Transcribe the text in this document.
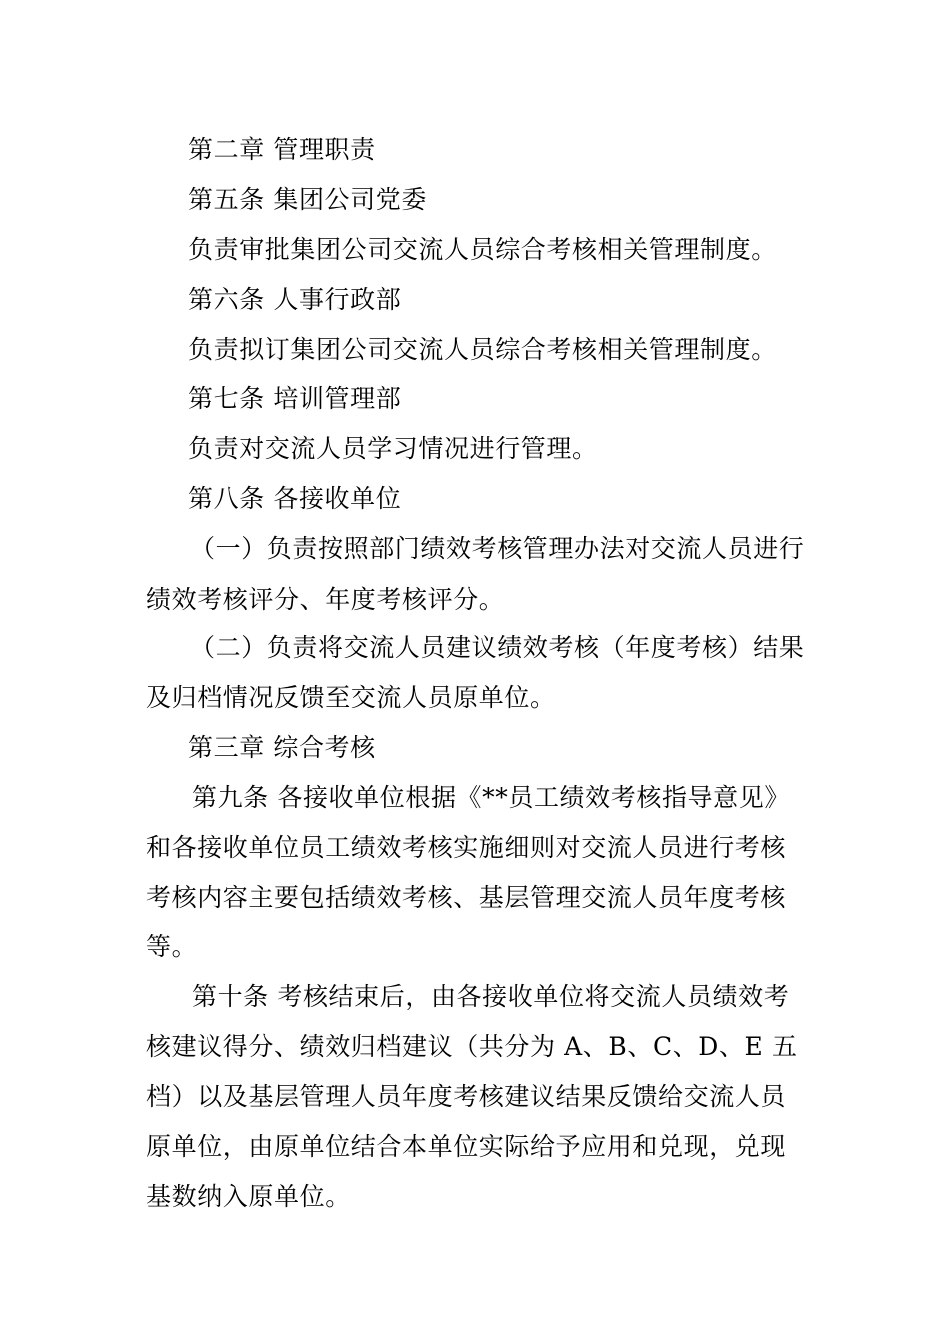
第二章 管理职责
第五条 集团公司党委
负责审批集团公司交流人员综合考核相关管理制度。
第六条 人事行政部
负责拟订集团公司交流人员综合考核相关管理制度。
第七条 培训管理部
负责对交流人员学习情况进行管理。
第八条 各接收单位
（一）负责按照部门绩效考核管理办法对交流人员进行
绩效考核评分、年度考核评分。
（二）负责将交流人员建议绩效考核（年度考核）结果
及归档情况反馈至交流人员原单位。
第三章 综合考核
第九条 各接收单位根据《**员工绩效考核指导意见》
和各接收单位员工绩效考核实施细则对交流人员进行考核
考核内容主要包括绩效考核、基层管理交流人员年度考核
等。
第十条 考核结束后，由各接收单位将交流人员绩效考
核建议得分、绩效归档建议（共分为 A、B、C、D、E 五
档）以及基层管理人员年度考核建议结果反馈给交流人员
原单位，由原单位结合本单位实际给予应用和兑现，兑现
基数纳入原单位。
